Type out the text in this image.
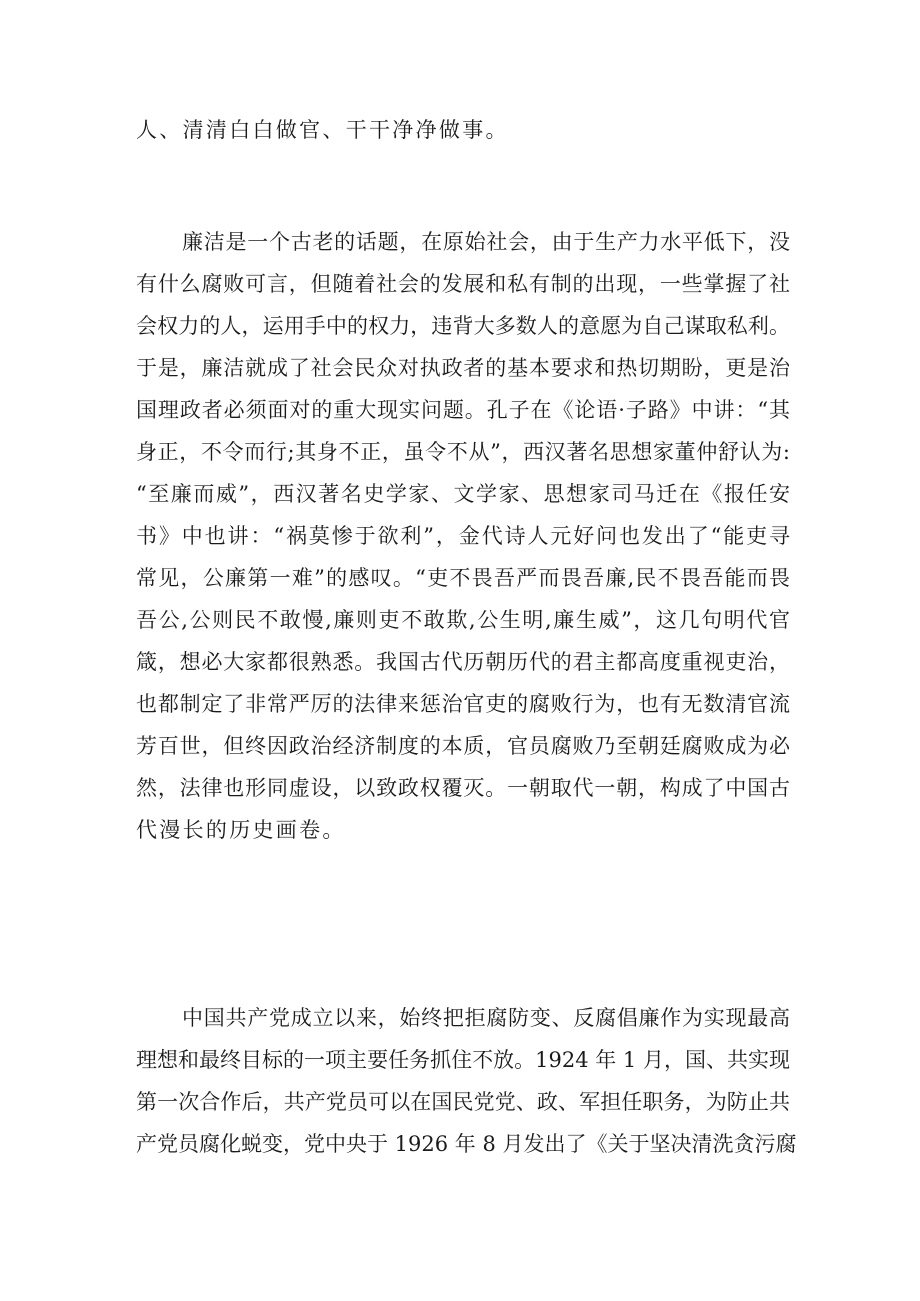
人、清清白白做官、干干净净做事。
廉洁是一个古老的话题，在原始社会，由于生产力水平低下，没
有什么腐败可言，但随着社会的发展和私有制的出现，一些掌握了社
会权力的人，运用手中的权力，违背大多数人的意愿为自己谋取私利。
于是，廉洁就成了社会民众对执政者的基本要求和热切期盼，更是治
国理政者必须面对的重大现实问题。孔子在《论语·子路》中讲：“其
身正，不令而行;其身不正，虽令不从”，西汉著名思想家董仲舒认为:
“至廉而威”，西汉著名史学家、文学家、思想家司马迁在《报任安
书》中也讲：“祸莫惨于欲利”，金代诗人元好问也发出了“能吏寻
常见，公廉第一难”的感叹。“吏不畏吾严而畏吾廉,民不畏吾能而畏
吾公,公则民不敢慢,廉则吏不敢欺,公生明,廉生威”，这几句明代官
箴，想必大家都很熟悉。我国古代历朝历代的君主都高度重视吏治，
也都制定了非常严厉的法律来惩治官吏的腐败行为，也有无数清官流
芳百世，但终因政治经济制度的本质，官员腐败乃至朝廷腐败成为必
然，法律也形同虚设，以致政权覆灭。一朝取代一朝，构成了中国古
代漫长的历史画卷。
中国共产党成立以来，始终把拒腐防变、反腐倡廉作为实现最高
理想和最终目标的一项主要任务抓住不放。1924 年 1 月，国、共实现
第一次合作后，共产党员可以在国民党党、政、军担任职务，为防止共
产党员腐化蜕变，党中央于 1926 年 8 月发出了《关于坚决清洗贪污腐
